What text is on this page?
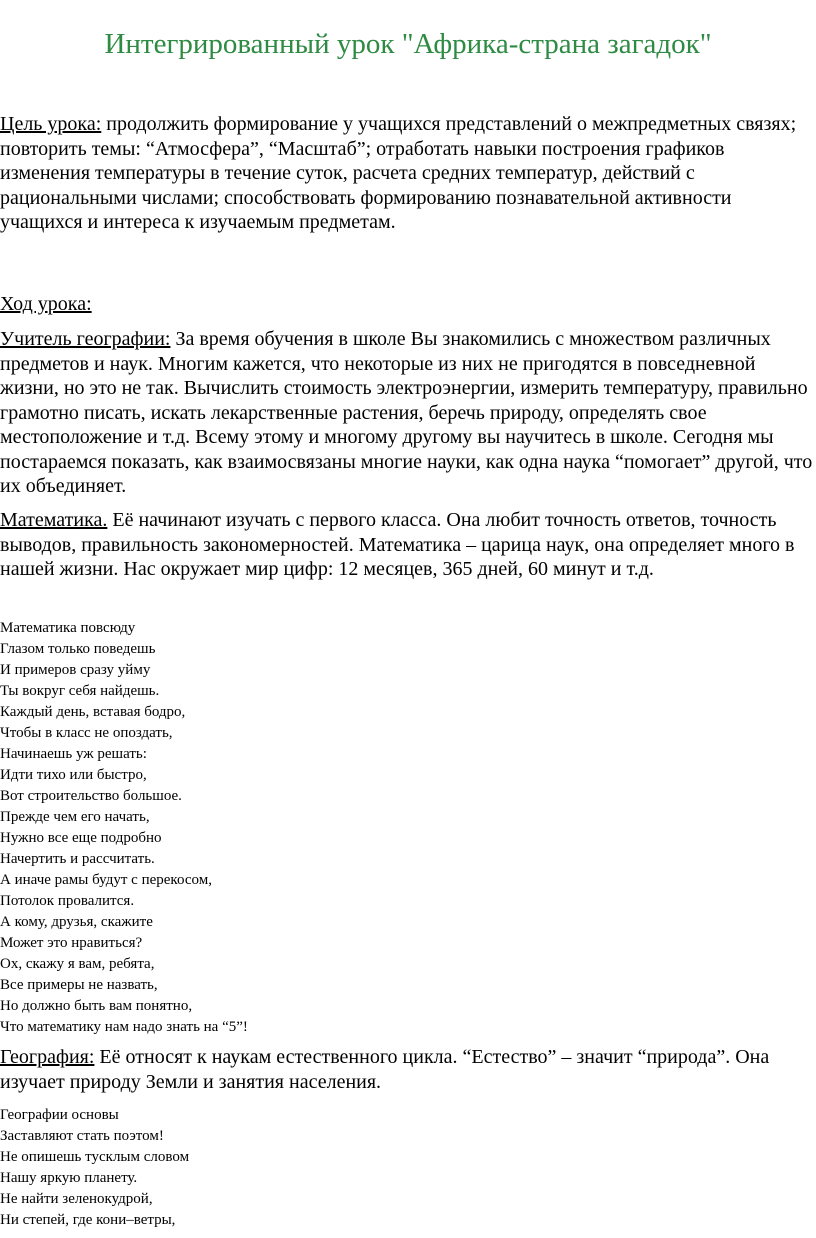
Интегрированный урок "Африка-страна загадок"

Цель урока: продолжить формирование у учащихся представлений о межпредметных связях; повторить темы: “Атмосфера”, “Масштаб”; отработать навыки построения графиков изменения температуры в течение суток, расчета средних температур, действий с рациональными числами; способствовать формированию познавательной активности учащихся и интереса к изучаемым предметам.

Ход урока:

Учитель географии: За время обучения в школе Вы знакомились с множеством различных предметов и наук. Многим кажется, что некоторые из них не пригодятся в повседневной жизни, но это не так. Вычислить стоимость электроэнергии, измерить температуру, правильно грамотно писать, искать лекарственные растения, беречь природу, определять свое местоположение и т.д. Всему этому и многому другому вы научитесь в школе. Сегодня мы постараемся показать, как взаимосвязаны многие науки, как одна наука “помогает” другой, что их объединяет.

Математика. Её начинают изучать с первого класса. Она любит точность ответов, точность выводов, правильность закономерностей. Математика – царица наук, она определяет много в нашей жизни. Нас окружает мир цифр: 12 месяцев, 365 дней, 60 минут и т.д.

Математика повсюду
Глазом только поведешь
И примеров сразу уйму
Ты вокруг себя найдешь.
Каждый день, вставая бодро,
Чтобы в класс не опоздать,
Начинаешь уж решать:
Идти тихо или быстро,
Вот строительство большое.
Прежде чем его начать,
Нужно все еще подробно
Начертить и рассчитать.
А иначе рамы будут с перекосом,
Потолок провалится.
А кому, друзья, скажите
Может это нравиться?
Ох, скажу я вам, ребята,
Все примеры не назвать,
Но должно быть вам понятно,
Что математику нам надо знать на “5”!

География: Её относят к наукам естественного цикла. “Естество” – значит “природа”. Она изучает природу Земли и занятия населения.

Географии основы
Заставляют стать поэтом!
Не опишешь тусклым словом
Нашу яркую планету.
Не найти зеленокудрой,
Ни степей, где кони–ветры,
